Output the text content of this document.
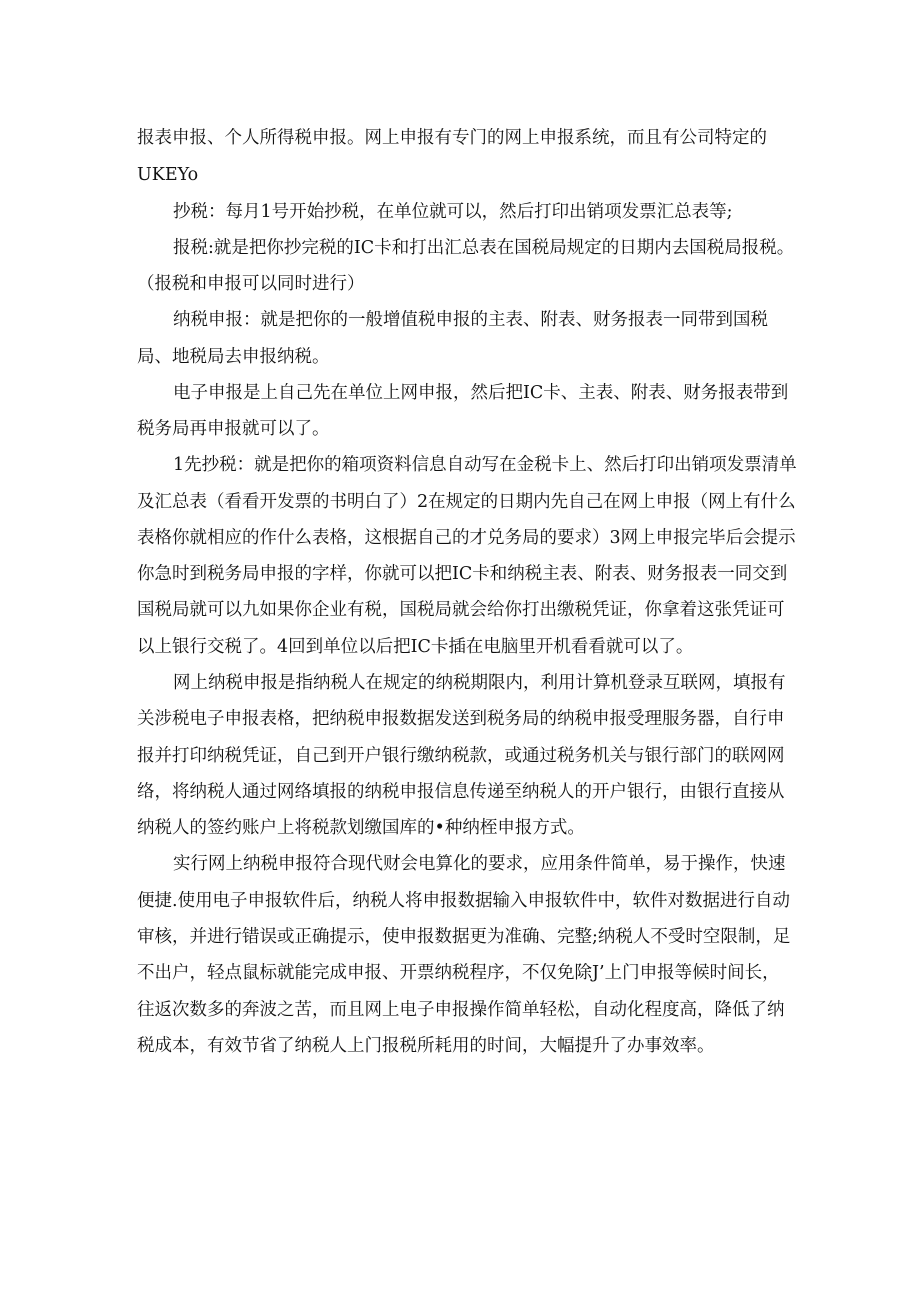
报表申报、个人所得税申报。网上申报有专门的网上申报系统，而且有公司特定的

UKEYo

抄税：每月1号开始抄税，在单位就可以，然后打印出销项发票汇总表等;

报税:就是把你抄完税的IC卡和打出汇总表在国税局规定的日期内去国税局报税。

（报税和申报可以同时进行）

纳税申报：就是把你的一般增值税申报的主表、附表、财务报表一同带到国税

局、地税局去申报纳税。

电子申报是上自己先在单位上网申报，然后把IC卡、主表、附表、财务报表带到

税务局再申报就可以了。

1先抄税：就是把你的箱项资料信息自动写在金税卡上、然后打印出销项发票清单

及汇总表（看看开发票的书明白了）2在规定的日期内先自己在网上申报（网上有什么

表格你就相应的作什么表格，这根据自己的才兑务局的要求）3网上申报完毕后会提示

你急时到税务局申报的字样，你就可以把IC卡和纳税主表、附表、财务报表一同交到

国税局就可以九如果你企业有税，国税局就会给你打出缴税凭证，你拿着这张凭证可

以上银行交税了。4回到单位以后把IC卡插在电脑里开机看看就可以了。

网上纳税申报是指纳税人在规定的纳税期限内，利用计算机登录互联网，填报有

关涉税电子申报表格，把纳税申报数据发送到税务局的纳税申报受理服务器，自行申

报并打印纳税凭证，自己到开户银行缴纳税款，或通过税务机关与银行部门的联网网

络，将纳税人通过网络填报的纳税申报信息传递至纳税人的开户银行，由银行直接从

纳税人的签约账户上将税款划缴国库的•种纳桎申报方式。

实行网上纳税申报符合现代财会电算化的要求，应用条件简单，易于操作，快速

便捷.使用电子申报软件后，纳税人将申报数据输入申报软件中，软件对数据进行自动

审核，并进行错误或正确提示，使申报数据更为准确、完整;纳税人不受时空限制，足

不出户，轻点鼠标就能完成申报、开票纳税程序，不仅免除J’上门申报等候时间长，

往返次数多的奔波之苦，而且网上电子申报操作简单轻松，自动化程度高，降低了纳

税成本，有效节省了纳税人上门报税所耗用的时间，大幅提升了办事效率。
